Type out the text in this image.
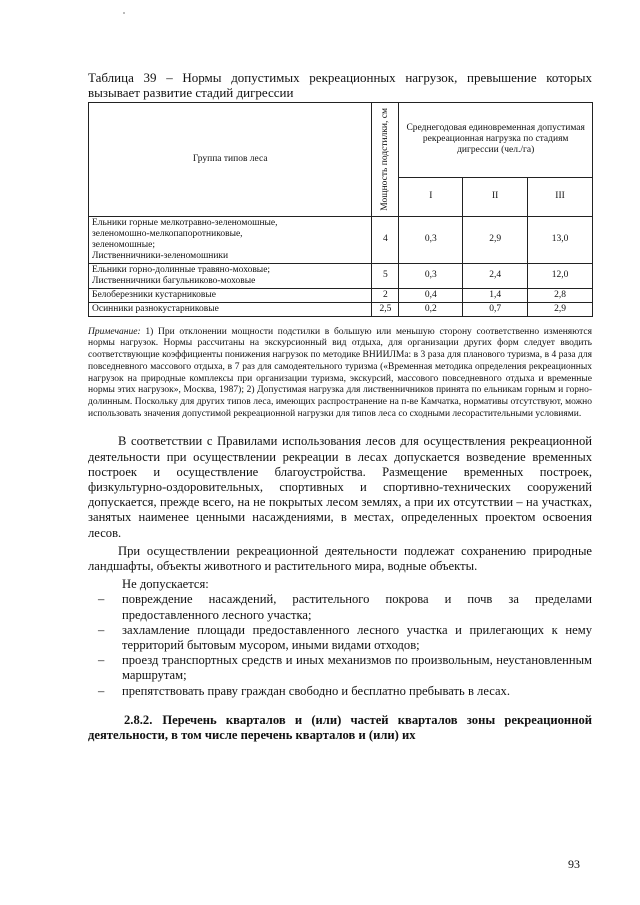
Таблица 39 – Нормы допустимых рекреационных нагрузок, превышение которых вызывает развитие стадий дигрессии

Группа типов леса	Мощность подстилки, см	Среднегодовая единовременная допустимая рекреационная нагрузка по стадиям дигрессии (чел./га)		
		I	II	III

Ельники горные мелкотравно-зеленомошные,
зеленомошно-мелкопапоротниковые,
зеленомошные;
Лиственничники-зеленомошники	4	0,3	2,9	13,0

Ельники горно-долинные травяно-моховые;
Лиственничники багульниково-моховые	5	0,3	2,4	12,0

Белоберезники кустарниковые	2	0,4	1,4	2,8

Осинники разнокустарниковые	2,5	0,2	0,7	2,9

Примечание: 1) При отклонении мощности подстилки в большую или меньшую сторону соответственно изменяются нормы нагрузок. Нормы рассчитаны на экскурсионный вид отдыха, для организации других форм следует вводить соответствующие коэффициенты понижения нагрузок по методике ВНИИЛМа: в 3 раза для планового туризма, в 4 раза для повседневного массового отдыха, в 7 раз для самодеятельного туризма («Временная методика определения рекреационных нагрузок на природные комплексы при организации туризма, экскурсий, массового повседневного отдыха и временные нормы этих нагрузок», Москва, 1987); 2) Допустимая нагрузка для лиственничников принята по ельникам горным и горно-долинным. Поскольку для других типов леса, имеющих распространение на п-ве Камчатка, нормативы отсутствуют, можно использовать значения допустимой рекреационной нагрузки для типов леса со сходными лесорастительными условиями.

В соответствии с Правилами использования лесов для осуществления рекреационной деятельности при осуществлении рекреации в лесах допускается возведение временных построек и осуществление благоустройства. Размещение временных построек, физкультурно-оздоровительных, спортивных и спортивно-технических сооружений допускается, прежде всего, на не покрытых лесом землях, а при их отсутствии – на участках, занятых наименее ценными насаждениями, в местах, определенных проектом освоения лесов.

При осуществлении рекреационной деятельности подлежат сохранению природные ландшафты, объекты животного и растительного мира, водные объекты.

Не допускается:
– повреждение насаждений, растительного покрова и почв за пределами предоставленного лесного участка;
– захламление площади предоставленного лесного участка и прилегающих к нему территорий бытовым мусором, иными видами отходов;
– проезд транспортных средств и иных механизмов по произвольным, неустановленным маршрутам;
– препятствовать праву граждан свободно и бесплатно пребывать в лесах.
2.8.2. Перечень кварталов и (или) частей кварталов зоны рекреационной деятельности, в том числе перечень кварталов и (или) их
93
